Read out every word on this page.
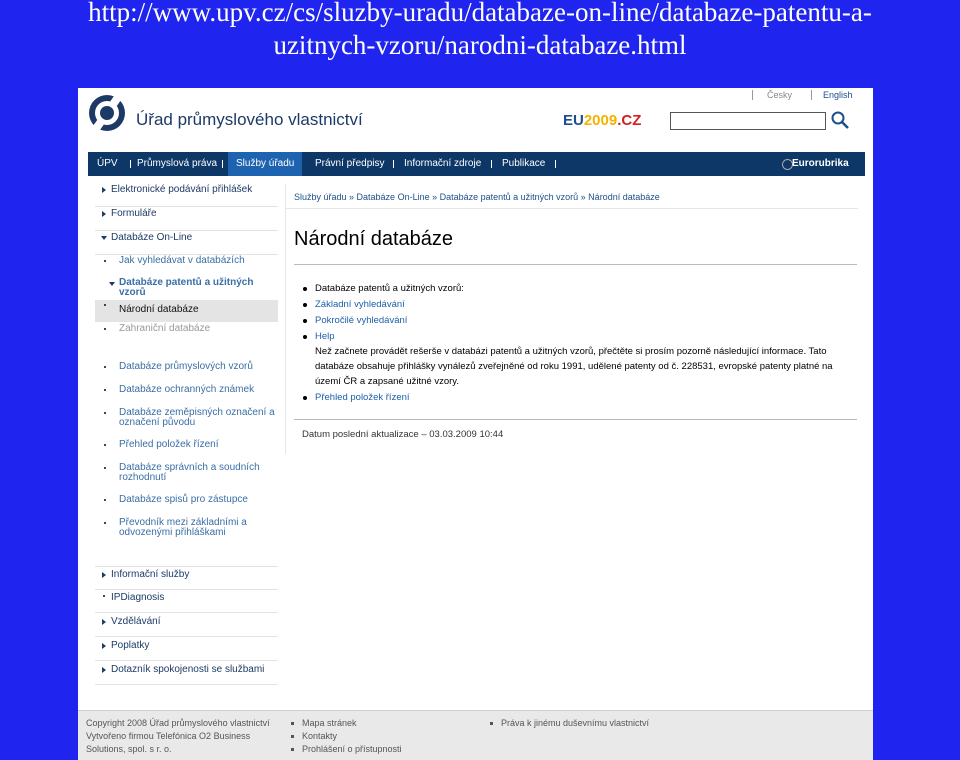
http://www.upv.cz/cs/sluzby-uradu/databaze-on-line/databaze-patentu-a-
uzitnych-vzoru/narodni-databaze.html
Úřad průmyslového vlastnictví
Česky	English
EU2009.CZ
ÚPV Průmyslová práva	Služby úřadu	Právní předpisy Informační zdroje Publikace	Eurorubrika
Elektronické podávání přihlášek
Formuláře
Databáze On-Line
Jak vyhledávat v databázích
Databáze patentů a užitných vzorů
Národní databáze
Zahraniční databáze
Databáze průmyslových vzorů
Databáze ochranných známek
Databáze zeměpisných označení a označení původu
Přehled položek řízení
Databáze správních a soudních rozhodnutí
Databáze spisů pro zástupce
Převodník mezi základními a odvozenými přihláškami
Informační služby
IPDiagnosis
Vzdělávání
Poplatky
Dotazník spokojenosti se službami
Služby úřadu » Databáze On-Line » Databáze patentů a užitných vzorů » Národní databáze
Národní databáze
Databáze patentů a užitných vzorů:
Základní vyhledávání
Pokročilé vyhledávání
Help
Než začnete provádět rešerše v databázi patentů a užitných vzorů, přečtěte si prosím pozorně následující informace. Tato databáze obsahuje přihlášky vynálezů zveřejněné od roku 1991, udělené patenty od č. 228531, evropské patenty platné na území ČR a zapsané užitné vzory.
Přehled položek řízení
Datum poslední aktualizace – 03.03.2009 10:44
Copyright 2008 Úřad průmyslového vlastnictví
Vytvořeno firmou Telefónica O2 Business
Solutions, spol. s r. o.
Mapa stránek
Kontakty
Prohlášení o přístupnosti
Práva k jinému duševnímu vlastnictví
